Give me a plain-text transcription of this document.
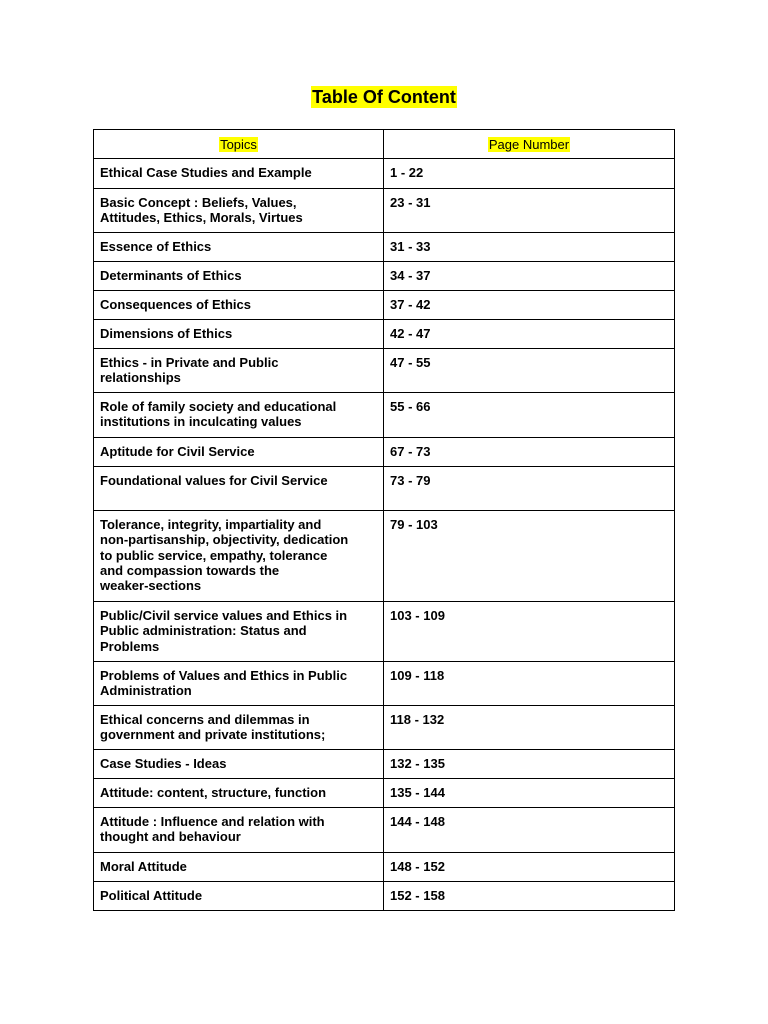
Table Of Content
Topics	Page Number
Ethical Case Studies and Example	1 - 22
Basic Concept : Beliefs, Values,
Attitudes, Ethics, Morals, Virtues	23 - 31
Essence of Ethics	31 - 33
Determinants of Ethics	34 - 37
Consequences of Ethics	37 - 42
Dimensions of Ethics	42 - 47
Ethics - in Private and Public
relationships	47 - 55
Role of family society and educational
institutions in inculcating values	55 - 66
Aptitude for Civil Service	67 - 73
Foundational values for Civil Service	73 - 79
Tolerance, integrity, impartiality and
non-partisanship, objectivity, dedication
to public service, empathy, tolerance
and compassion towards the
weaker-sections	79 - 103
Public/Civil service values and Ethics in
Public administration: Status and
Problems	103 - 109
Problems of Values and Ethics in Public
Administration	109 - 118
Ethical concerns and dilemmas in
government and private institutions;	118 - 132
Case Studies - Ideas	132 - 135
Attitude: content, structure, function	135 - 144
Attitude : Influence and relation with
thought and behaviour	144 - 148
Moral Attitude	148 - 152
Political Attitude	152 - 158
